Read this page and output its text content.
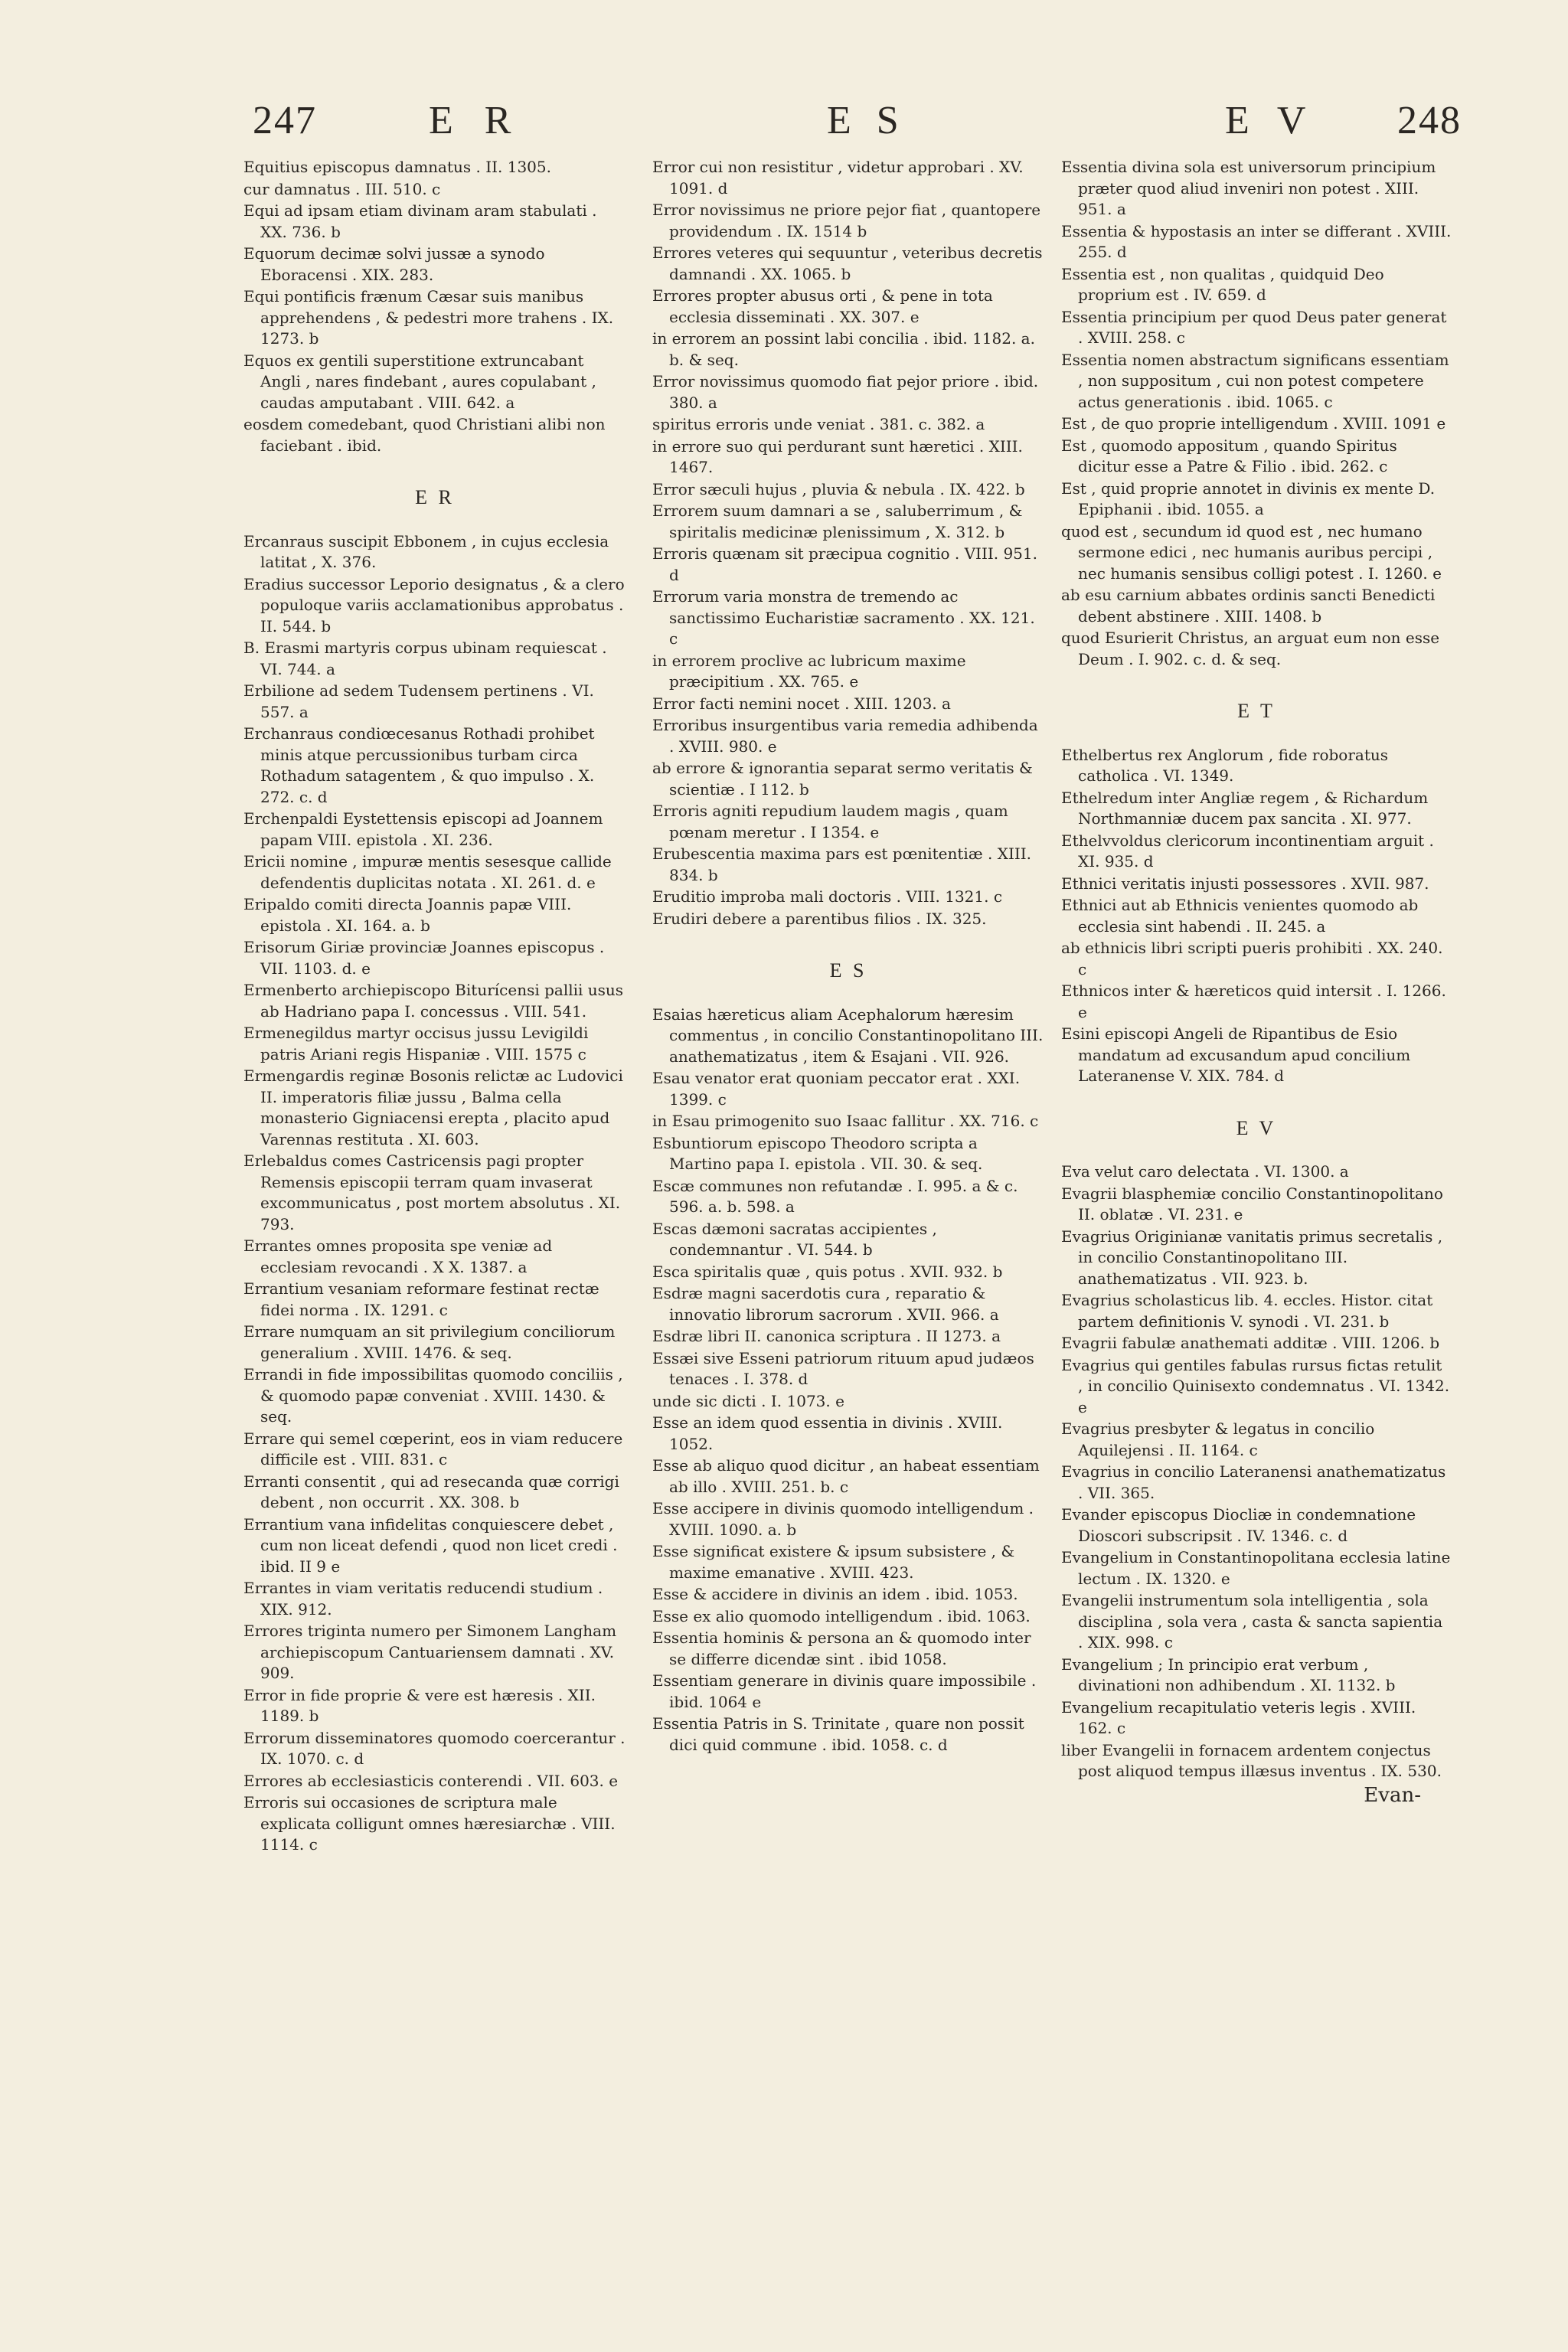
247	E R	E S	E V 248
Equitius episcopus damnatus . II. 1305.
cur damnatus . III. 510. c
Equi ad ipsam etiam divinam aram stabulati . XX. 736. b
Equorum decimæ solvi jussæ a synodo Eboracensi . XIX. 283.
Equi pontificis frænum Cæsar suis manibus apprehendens , & pedestri more trahens . IX. 1273. b
Equos ex gentili superstitione extruncabant Angli , nares findebant , aures copulabant , caudas amputabant . VIII. 642. a
eosdem comedebant, quod Christiani alibi non faciebant . ibid.
E R
Ercanraus suscipit Ebbonem , in cujus ecclesia latitat , X. 376.
Eradius successor Leporio designatus , & a clero populoque variis acclamationibus approbatus . II. 544. b
B. Erasmi martyris corpus ubinam requiescat . VI. 744. a
Erbilione ad sedem Tudensem pertinens . VI. 557. a
Erchanraus condiœcesanus Rothadi prohibet minis atque percussionibus turbam circa Rothadum satagentem , & quo impulso . X. 272. c. d
Erchenpaldi Eystettensis episcopi ad Joannem papam VIII. epistola . XI. 236.
Ericii nomine , impuræ mentis sesesque callide defendentis duplicitas notata . XI. 261. d. e
Eripaldo comiti directa Joannis papæ VIII. epistola . XI. 164. a. b
Erisorum Giriæ provinciæ Joannes episcopus . VII. 1103. d. e
Ermenberto archiepiscopo Biturícensi pallii usus ab Hadriano papa I. concessus . VIII. 541.
Ermenegildus martyr occisus jussu Levigildi patris Ariani regis Hispaniæ . VIII. 1575 c
Ermengardis reginæ Bosonis relictæ ac Ludovici II. imperatoris filiæ jussu , Balma cella monasterio Gigniacensi erepta , placito apud Varennas restituta . XI. 603.
Erlebaldus comes Castricensis pagi propter Remensis episcopii terram quam invaserat excommunicatus , post mortem absolutus . XI. 793.
Errantes omnes proposita spe veniæ ad ecclesiam revocandi . X X. 1387. a
Errantium vesaniam reformare festinat rectæ fidei norma . IX. 1291. c
Errare numquam an sit privilegium conciliorum generalium . XVIII. 1476. & seq.
Errandi in fide impossibilitas quomodo conciliis , & quomodo papæ conveniat . XVIII. 1430. & seq.
Errare qui semel cœperint, eos in viam reducere difficile est . VIII. 831. c
Erranti consentit , qui ad resecanda quæ corrigi debent , non occurrit . XX. 308. b
Errantium vana infidelitas conquiescere debet , cum non liceat defendi , quod non licet credi . ibid. II 9 e
Errantes in viam veritatis reducendi studium . XIX. 912.
Errores triginta numero per Simonem Langham archiepiscopum Cantuariensem damnati . XV. 909.
Error in fide proprie & vere est hæresis . XII. 1189. b
Errorum disseminatores quomodo coercerantur . IX. 1070. c. d
Errores ab ecclesiasticis conterendi . VII. 603. e
Erroris sui occasiones de scriptura male explicata colligunt omnes hæresiarchæ . VIII. 1114. c
Error cui non resistitur , videtur approbari . XV. 1091. d
Error novissimus ne priore pejor fiat , quantopere providendum . IX. 1514 b
Errores veteres qui sequuntur , veteribus decretis damnandi . XX. 1065. b
Errores propter abusus orti , & pene in tota ecclesia disseminati . XX. 307. e
in errorem an possint labi concilia . ibid. 1182. a. b. & seq.
Error novissimus quomodo fiat pejor priore . ibid. 380. a
spiritus erroris unde veniat . 381. c. 382. a
in errore suo qui perdurant sunt hæretici . XIII. 1467.
Error sæculi hujus , pluvia & nebula . IX. 422. b
Errorem suum damnari a se , saluberrimum , & spiritalis medicinæ plenissimum , X. 312. b
Erroris quænam sit præcipua cognitio . VIII. 951. d
Errorum varia monstra de tremendo ac sanctissimo Eucharistiæ sacramento . XX. 121. c
in errorem proclive ac lubricum maxime præcipitium . XX. 765. e
Error facti nemini nocet . XIII. 1203. a
Erroribus insurgentibus varia remedia adhibenda . XVIII. 980. e
ab errore & ignorantia separat sermo veritatis & scientiæ . I 112. b
Erroris agniti repudium laudem magis , quam pœnam meretur . I 1354. e
Erubescentia maxima pars est pœnitentiæ . XIII. 834. b
Eruditio improba mali doctoris . VIII. 1321. c
Erudiri debere a parentibus filios . IX. 325.
E S
Esaias hæreticus aliam Acephalorum hæresim commentus , in concilio Constantinopolitano III. anathematizatus , item & Esajani . VII. 926.
Esau venator erat quoniam peccator erat . XXI. 1399. c
in Esau primogenito suo Isaac fallitur . XX. 716. c
Esbuntiorum episcopo Theodoro scripta a Martino papa I. epistola . VII. 30. & seq.
Escæ communes non refutandæ . I. 995. a & c. 596. a. b. 598. a
Escas dæmoni sacratas accipientes , condemnantur . VI. 544. b
Esca spiritalis quæ , quis potus . XVII. 932. b
Esdræ magni sacerdotis cura , reparatio & innovatio librorum sacrorum . XVII. 966. a
Esdræ libri II. canonica scriptura . II 1273. a
Essæi sive Esseni patriorum rituum apud judæos tenaces . I. 378. d
unde sic dicti . I. 1073. e
Esse an idem quod essentia in divinis . XVIII. 1052.
Esse ab aliquo quod dicitur , an habeat essentiam ab illo . XVIII. 251. b. c
Esse accipere in divinis quomodo intelligendum . XVIII. 1090. a. b
Esse significat existere & ipsum subsistere , & maxime emanative . XVIII. 423.
Esse & accidere in divinis an idem . ibid. 1053.
Esse ex alio quomodo intelligendum . ibid. 1063.
Essentia hominis & persona an & quomodo inter se differre dicendæ sint . ibid 1058.
Essentiam generare in divinis quare impossibile . ibid. 1064 e
Essentia Patris in S. Trinitate , quare non possit dici quid commune . ibid. 1058. c. d
Essentia divina sola est universorum principium præter quod aliud inveniri non potest . XIII. 951. a
Essentia & hypostasis an inter se differant . XVIII. 255. d
Essentia est , non qualitas , quidquid Deo proprium est . IV. 659. d
Essentia principium per quod Deus pater generat . XVIII. 258. c
Essentia nomen abstractum significans essentiam , non suppositum , cui non potest competere actus generationis . ibid. 1065. c
Est , de quo proprie intelligendum . XVIII. 1091 e
Est , quomodo appositum , quando Spiritus dicitur esse a Patre & Filio . ibid. 262. c
Est , quid proprie annotet in divinis ex mente D. Epiphanii . ibid. 1055. a
quod est , secundum id quod est , nec humano sermone edici , nec humanis auribus percipi , nec humanis sensibus colligi potest . I. 1260. e
ab esu carnium abbates ordinis sancti Benedicti debent abstinere . XIII. 1408. b
quod Esurierit Christus, an arguat eum non esse Deum . I. 902. c. d. & seq.
E T
Ethelbertus rex Anglorum , fide roboratus catholica . VI. 1349.
Ethelredum inter Angliæ regem , & Richardum Northmanniæ ducem pax sancita . XI. 977.
Ethelvvoldus clericorum incontinentiam arguit . XI. 935. d
Ethnici veritatis injusti possessores . XVII. 987.
Ethnici aut ab Ethnicis venientes quomodo ab ecclesia sint habendi . II. 245. a
ab ethnicis libri scripti pueris prohibiti . XX. 240. c
Ethnicos inter & hæreticos quid intersit . I. 1266. e
Esini episcopi Angeli de Ripantibus de Esio mandatum ad excusandum apud concilium Lateranense V. XIX. 784. d
E V
Eva velut caro delectata . VI. 1300. a
Evagrii blasphemiæ concilio Constantinopolitano II. oblatæ . VI. 231. e
Evagrius Originianæ vanitatis primus secretalis , in concilio Constantinopolitano III. anathematizatus . VII. 923. b.
Evagrius scholasticus lib. 4. eccles. Histor. citat partem definitionis V. synodi . VI. 231. b
Evagrii fabulæ anathemati additæ . VIII. 1206. b
Evagrius qui gentiles fabulas rursus fictas retulit , in concilio Quinisexto condemnatus . VI. 1342. e
Evagrius presbyter & legatus in concilio Aquilejensi . II. 1164. c
Evagrius in concilio Lateranensi anathematizatus . VII. 365.
Evander episcopus Diocliæ in condemnatione Dioscori subscripsit . IV. 1346. c. d
Evangelium in Constantinopolitana ecclesia latine lectum . IX. 1320. e
Evangelii instrumentum sola intelligentia , sola disciplina , sola vera , casta & sancta sapientia . XIX. 998. c
Evangelium ; In principio erat verbum , divinationi non adhibendum . XI. 1132. b
Evangelium recapitulatio veteris legis . XVIII. 162. c
liber Evangelii in fornacem ardentem conjectus post aliquod tempus illæsus inventus . IX. 530.
Evan-
